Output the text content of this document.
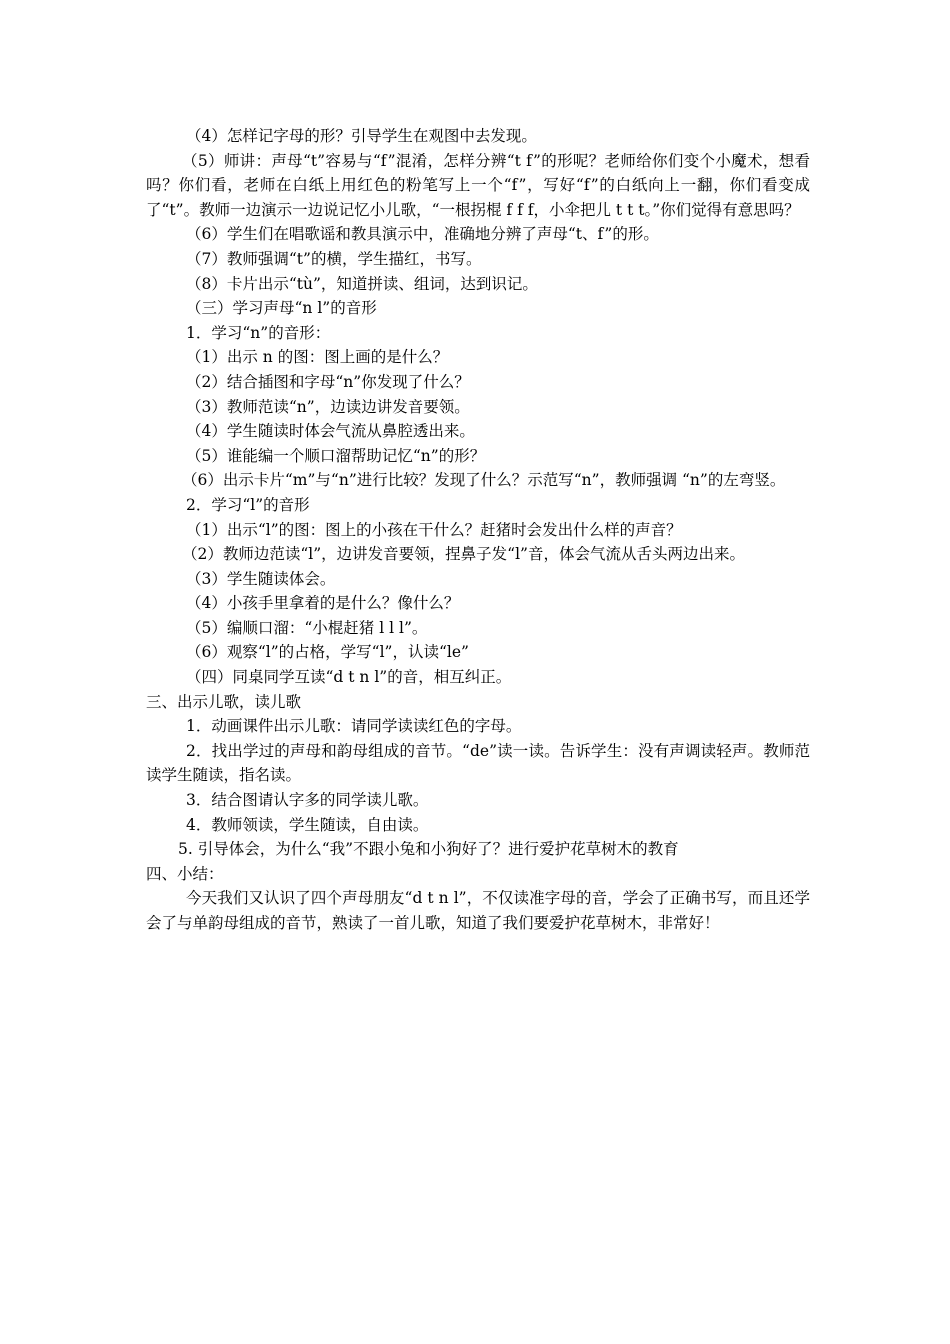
（4）怎样记字母的形？引导学生在观图中去发现。

（5）师讲：声母“t”容易与“f”混淆，怎样分辨“t f”的形呢？老师给你们变个小魔术，想看吗？你们看，老师在白纸上用红色的粉笔写上一个“f”，写好“f”的白纸向上一翻，你们看变成了“t”。教师一边演示一边说记忆小儿歌，“一根拐棍 f f f，小伞把儿 t t t。”你们觉得有意思吗？

（6）学生们在唱歌谣和教具演示中，准确地分辨了声母“t、f”的形。

（7）教师强调“t”的横，学生描红，书写。

（8）卡片出示“tù”，知道拼读、组词，达到识记。

（三）学习声母“n l”的音形

1．学习“n”的音形：

（1）出示 n 的图：图上画的是什么？

（2）结合插图和字母“n”你发现了什么？

（3）教师范读“n”，边读边讲发音要领。

（4）学生随读时体会气流从鼻腔透出来。

（5）谁能编一个顺口溜帮助记忆“n”的形？

（6）出示卡片“m”与“n”进行比较？发现了什么？示范写“n”，教师强调 “n”的左弯竖。

2．学习“l”的音形

（1）出示“l”的图：图上的小孩在干什么？赶猪时会发出什么样的声音？

（2）教师边范读“l”，边讲发音要领，捏鼻子发“l”音，体会气流从舌头两边出来。

（3）学生随读体会。

（4）小孩手里拿着的是什么？像什么？

（5）编顺口溜：“小棍赶猪 l l l”。

（6）观察“l”的占格，学写“l”，认读“le”

（四）同桌同学互读“d t n l”的音，相互纠正。

三、出示儿歌，读儿歌

1．动画课件出示儿歌：请同学读读红色的字母。

2．找出学过的声母和韵母组成的音节。“de”读一读。告诉学生：没有声调读轻声。教师范读学生随读，指名读。

3．结合图请认字多的同学读儿歌。

4．教师领读，学生随读，自由读。

5. 引导体会，为什么“我”不跟小兔和小狗好了？进行爱护花草树木的教育

四、小结：

今天我们又认识了四个声母朋友“d t n l”，不仅读准字母的音，学会了正确书写，而且还学会了与单韵母组成的音节，熟读了一首儿歌，知道了我们要爱护花草树木，非常好！
